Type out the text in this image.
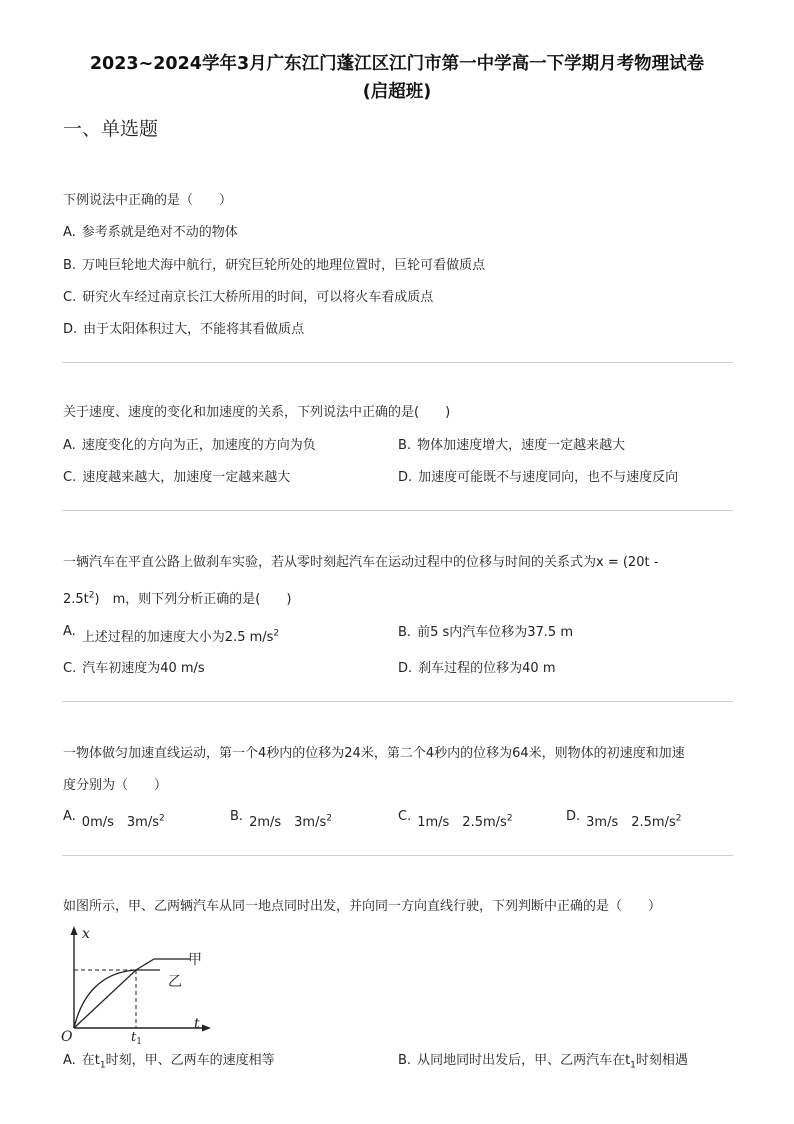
2023~2024学年3月广东江门蓬江区江门市第一中学高一下学期月考物理试卷
(启超班)
一、单选题
下例说法中正确的是（　　）
A. 参考系就是绝对不动的物体
B. 万吨巨轮地犬海中航行，研究巨轮所处的地理位置时，巨轮可看做质点
C. 研究火车经过南京长江大桥所用的时间，可以将火车看成质点
D. 由于太阳体积过大，不能将其看做质点
关于速度、速度的变化和加速度的关系，下列说法中正确的是(　　)
A. 速度变化的方向为正，加速度的方向为负	B. 物体加速度增大，速度一定越来越大
C. 速度越来越大，加速度一定越来越大	D. 加速度可能既不与速度同向，也不与速度反向
一辆汽车在平直公路上做刹车实验，若从零时刻起汽车在运动过程中的位移与时间的关系式为x = (20t -
$2.5t^2$)　m，则下列分析正确的是(　　)
A. 上述过程的加速度大小为2.5 $m/s^2$	B. 前5 s内汽车位移为37.5 m
C. 汽车初速度为40 m/s	D. 刹车过程的位移为40 m
一物体做匀加速直线运动，第一个4秒内的位移为24米，第二个4秒内的位移为64米，则物体的初速度和加速
度分别为（　　）
A. 0m/s　$3m/s^2$	B. 2m/s　$3m/s^2$	C. 1m/s　$2.5m/s^2$	D. 3m/s　$2.5m/s^2$
如图所示，甲、乙两辆汽车从同一地点同时出发，并向同一方向直线行驶，下列判断中正确的是（　　）
x
t
O	$t_1$
甲
乙
A. 在$t_1$时刻，甲、乙两车的速度相等	B. 从同地同时出发后，甲、乙两汽车在$t_1$时刻相遇
